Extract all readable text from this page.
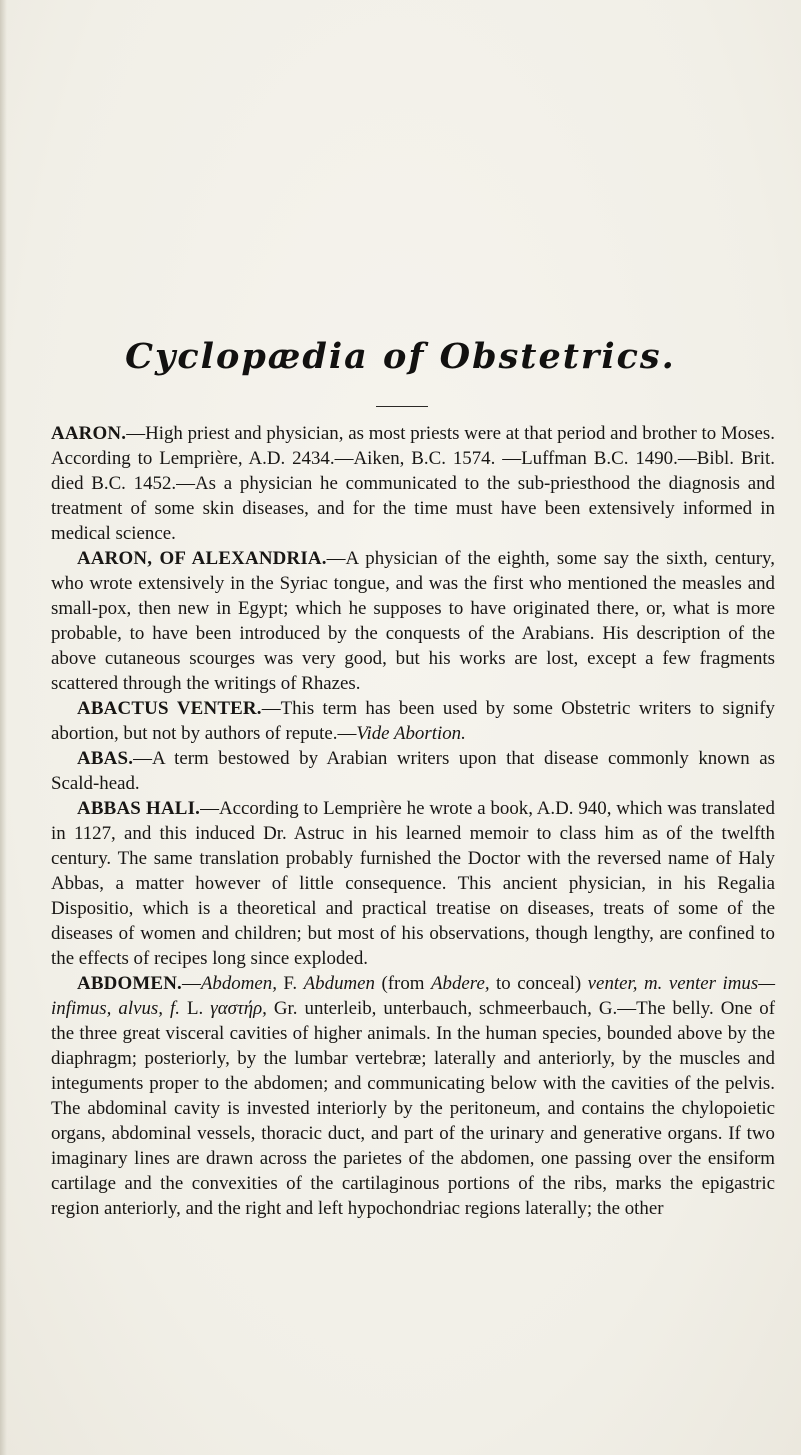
Cyclopædia of Obstetrics.

AARON.—High priest and physician, as most priests were at that period and brother to Moses. According to Lemprière, A.D. 2434.—Aiken, B.C. 1574. —Luffman B.C. 1490.—Bibl. Brit. died B.C. 1452.—As a physician he communicated to the sub-priesthood the diagnosis and treatment of some skin diseases, and for the time must have been extensively informed in medical science.

AARON, OF ALEXANDRIA.—A physician of the eighth, some say the sixth, century, who wrote extensively in the Syriac tongue, and was the first who mentioned the measles and small-pox, then new in Egypt; which he supposes to have originated there, or, what is more probable, to have been introduced by the conquests of the Arabians. His description of the above cutaneous scourges was very good, but his works are lost, except a few fragments scattered through the writings of Rhazes.

ABACTUS VENTER.—This term has been used by some Obstetric writers to signify abortion, but not by authors of repute.—Vide Abortion.

ABAS.—A term bestowed by Arabian writers upon that disease commonly known as Scald-head.

ABBAS HALI.—According to Lemprière he wrote a book, A.D. 940, which was translated in 1127, and this induced Dr. Astruc in his learned memoir to class him as of the twelfth century. The same translation probably furnished the Doctor with the reversed name of Haly Abbas, a matter however of little consequence. This ancient physician, in his Regalia Dispositio, which is a theoretical and practical treatise on diseases, treats of some of the diseases of women and children; but most of his observations, though lengthy, are confined to the effects of recipes long since exploded.

ABDOMEN.—Abdomen, F. Abdumen (from Abdere, to conceal) venter, m. venter imus—infimus, alvus, f. L. γαστήρ, Gr. unterleib, unterbauch, schmeerbauch, G.—The belly. One of the three great visceral cavities of higher animals. In the human species, bounded above by the diaphragm; posteriorly, by the lumbar vertebræ; laterally and anteriorly, by the muscles and integuments proper to the abdomen; and communicating below with the cavities of the pelvis. The abdominal cavity is invested interiorly by the peritoneum, and contains the chylopoietic organs, abdominal vessels, thoracic duct, and part of the urinary and generative organs. If two imaginary lines are drawn across the parietes of the abdomen, one passing over the ensiform cartilage and the convexities of the cartilaginous portions of the ribs, marks the epigastric region anteriorly, and the right and left hypochondriac regions laterally; the other
